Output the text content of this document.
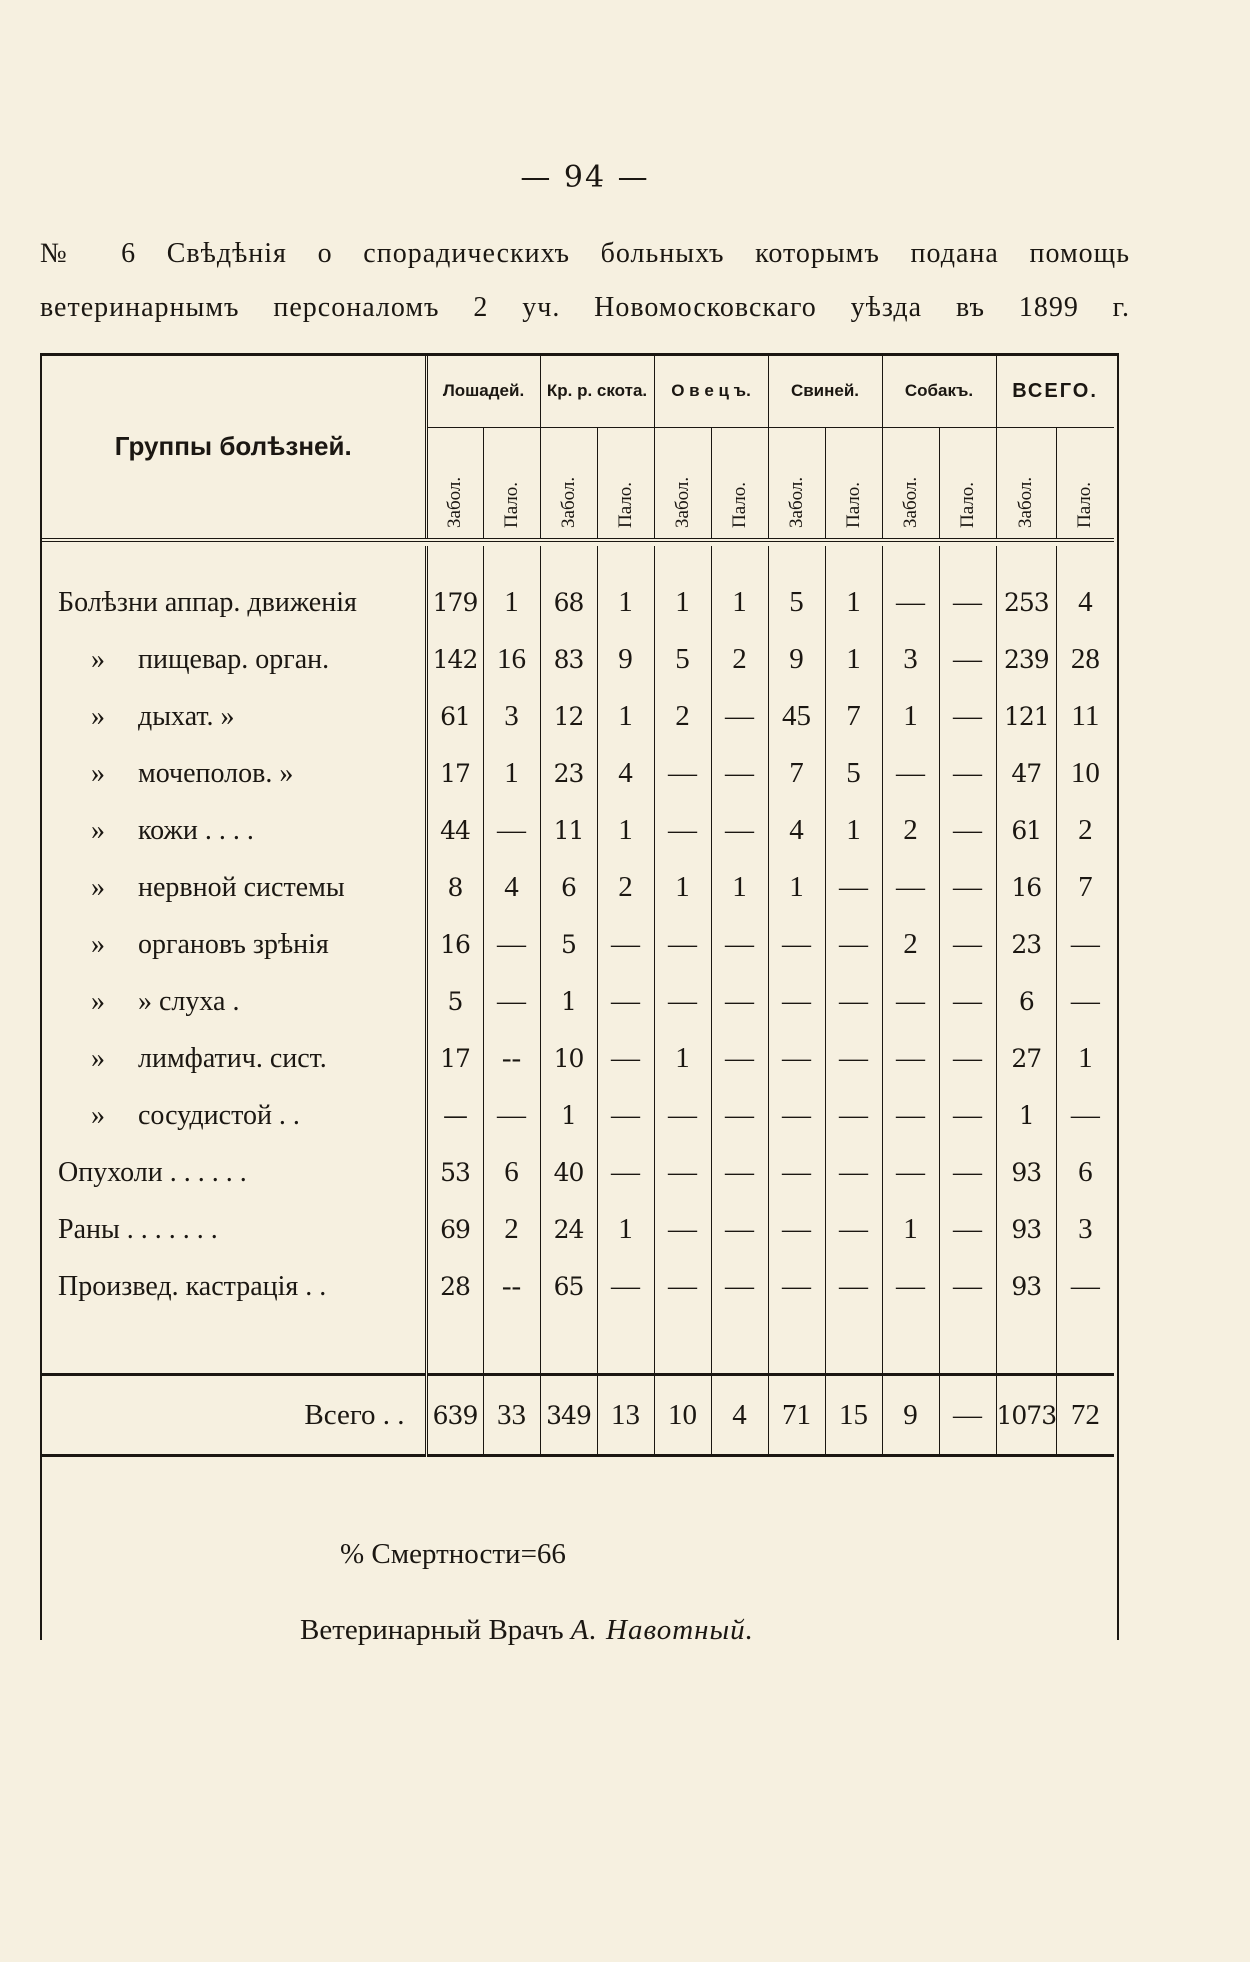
— 94 —
№ 6 Свѣдѣнія о спорадическихъ больныхъ которымъ подана помощь
ветеринарнымъ персоналомъ 2 уч. Новомосковскаго уѣзда въ 1899 г.
Группы болѣзней.	Лошадей.		Кр. р. скота.		О в е ц ъ.		Свиней.		Собакъ.		ВСЕГО.	

	Забол.	Пало.	Забол.	Пало.	Забол.	Пало.	Забол.	Пало.	Забол.	Пало.	Забол.	Пало.

Болѣзни аппар. движенія	179	1	68	1	1	1	5	1	—	—	253	4
» пищевар. орган.	142	16	83	9	5	2	9	1	3	—	239	28
» дыхат. »	61	3	12	1	2	—	45	7	1	—	121	11
» мочеполов. »	17	1	23	4	—	—	7	5	—	—	47	10
» кожи . . . .	44	—	11	1	—	—	4	1	2	—	61	2
» нервной системы	8	4	6	2	1	1	1	—	—	—	16	7
» органовъ зрѣнія	16	—	5	—	—	—	—	—	2	—	23	—
» » слуха .	5	—	1	—	—	—	—	—	—	—	6	—
» лимфатич. сист.	17	--	10	—	1	—	—	—	—	—	27	1
» сосудистой . .	—	—	1	—	—	—	—	—	—	—	1	—
Опухоли . . . . . .	53	6	40	—	—	—	—	—	—	—	93	6
Раны . . . . . . .	69	2	24	1	—	—	—	—	1	—	93	3
Произвед. кастрація . .	28	--	65	—	—	—	—	—	—	—	93	—

Всего . .	639	33	349	13	10	4	71	15	9	—	1073	72
% Смертности=66
Ветеринарный Врачъ А. Навотный.
